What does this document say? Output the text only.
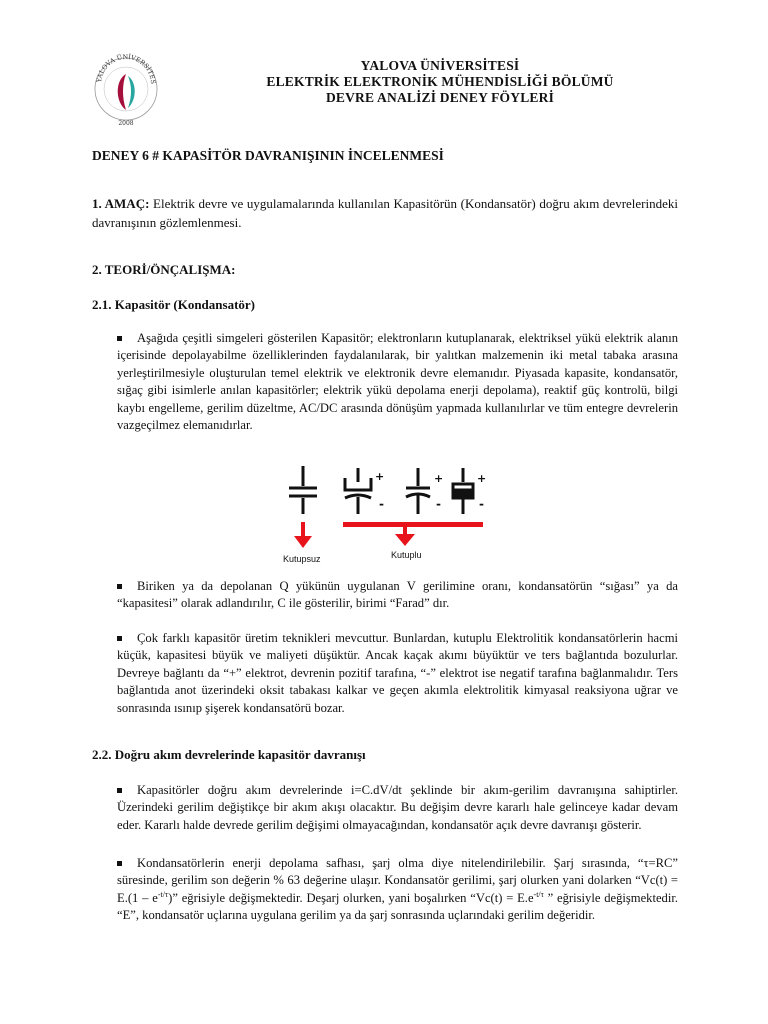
YALOVA ÜNİVERSİTES
2008
YALOVA ÜNİVERSİTESİ
ELEKTRİK ELEKTRONİK MÜHENDİSLİĞİ BÖLÜMÜ
DEVRE ANALİZİ DENEY FÖYLERİ
DENEY 6 # KAPASİTÖR DAVRANIŞININ İNCELENMESİ
1. AMAÇ: Elektrik devre ve uygulamalarında kullanılan Kapasitörün (Kondansatör) doğru akım devrelerindeki davranışının gözlemlenmesi.
2. TEORİ/ÖNÇALIŞMA:
2.1. Kapasitör (Kondansatör)
Aşağıda çeşitli simgeleri gösterilen Kapasitör; elektronların kutuplanarak, elektriksel yükü elektrik alanın içerisinde depolayabilme özelliklerinden faydalanılarak, bir yalıtkan malzemenin iki metal tabaka arasına yerleştirilmesiyle oluşturulan temel elektrik ve elektronik devre elemanıdır. Piyasada kapasite, kondansatör, sığaç gibi isimlerle anılan kapasitörler; elektrik yükü depolama enerji depolama), reaktif güç kontrolü, bilgi kaybı engelleme, gerilim düzeltme, AC/DC arasında dönüşüm yapmada kullanılırlar ve tüm entegre devrelerin vazgeçilmez elemanıdırlar.
+
-
+
-
+
-
Kutupsuz	Kutuplu
Biriken ya da depolanan Q yükünün uygulanan V gerilimine oranı, kondansatörün “sığası” ya da “kapasitesi” olarak adlandırılır, C ile gösterilir, birimi “Farad” dır.
Çok farklı kapasitör üretim teknikleri mevcuttur. Bunlardan, kutuplu Elektrolitik kondansatörlerin hacmi küçük, kapasitesi büyük ve maliyeti düşüktür. Ancak kaçak akımı büyüktür ve ters bağlantıda bozulurlar. Devreye bağlantı da “+” elektrot, devrenin pozitif tarafına, “-” elektrot ise negatif tarafına bağlanmalıdır. Ters bağlantıda anot üzerindeki oksit tabakası kalkar ve geçen akımla elektrolitik kimyasal reaksiyona uğrar ve sonrasında ısınıp şişerek kondansatörü bozar.
2.2. Doğru akım devrelerinde kapasitör davranışı
Kapasitörler doğru akım devrelerinde i=C.dV/dt şeklinde bir akım-gerilim davranışına sahiptirler. Üzerindeki gerilim değiştikçe bir akım akışı olacaktır. Bu değişim devre kararlı hale gelinceye kadar devam eder. Kararlı halde devrede gerilim değişimi olmayacağından, kondansatör açık devre davranışı gösterir.
Kondansatörlerin enerji depolama safhası, şarj olma diye nitelendirilebilir. Şarj sırasında, “τ=RC” süresinde, gerilim son değerin % 63 değerine ulaşır. Kondansatör gerilimi, şarj olurken yani dolarken “$Vc(t) = E.(1 - e^{-t/\tau})$” eğrisiyle değişmektedir. Deşarj olurken, yani boşalırken “$Vc(t) = E.e^{-t/\tau}$ ” eğrisiyle değişmektedir. “E”, kondansatör uçlarına uygulana gerilim ya da şarj sonrasında uçlarındaki gerilim değeridir.
